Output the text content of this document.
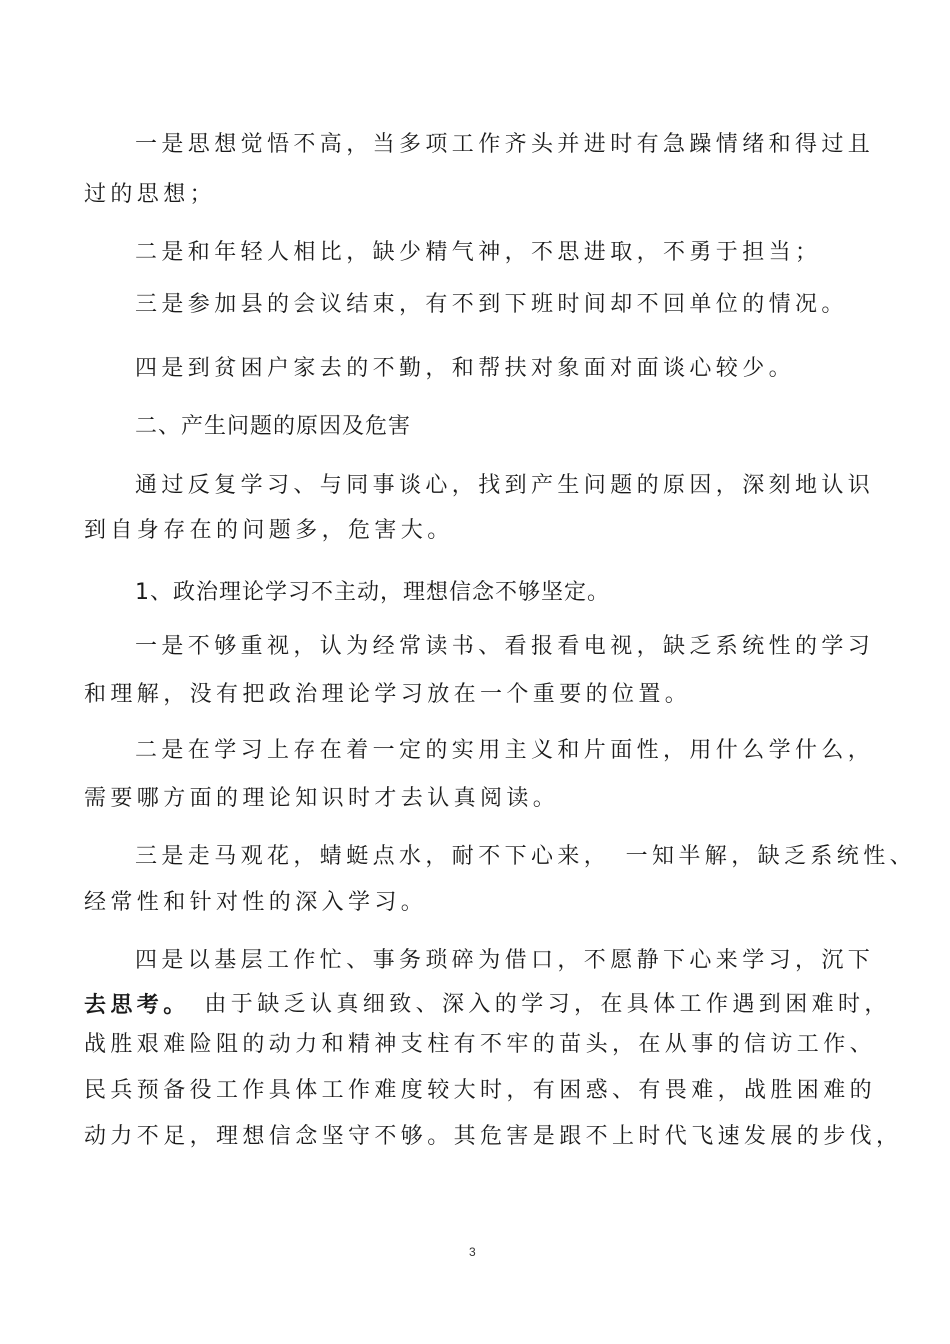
一是思想觉悟不高，当多项工作齐头并进时有急躁情绪和得过且
过的思想；
二是和年轻人相比，缺少精气神，不思进取，不勇于担当；
三是参加县的会议结束，有不到下班时间却不回单位的情况。
四是到贫困户家去的不勤，和帮扶对象面对面谈心较少。
二、产生问题的原因及危害
通过反复学习、与同事谈心，找到产生问题的原因，深刻地认识
到自身存在的问题多，危害大。
1、政治理论学习不主动，理想信念不够坚定。
一是不够重视，认为经常读书、看报看电视，缺乏系统性的学习
和理解，没有把政治理论学习放在一个重要的位置。
二是在学习上存在着一定的实用主义和片面性，用什么学什么，
需要哪方面的理论知识时才去认真阅读。
三是走马观花，蜻蜓点水，耐不下心来，　一知半解，缺乏系统性、
经常性和针对性的深入学习。
四是以基层工作忙、事务琐碎为借口，不愿静下心来学习，沉下
去思考。
　由于缺乏认真细致、深入的学习，在具体工作遇到困难时，
战胜艰难险阻的动力和精神支柱有不牢的苗头，在从事的信访工作、
民兵预备役工作具体工作难度较大时，有困惑、有畏难，战胜困难的
动力不足，理想信念坚守不够。其危害是跟不上时代飞速发展的步伐，
3
